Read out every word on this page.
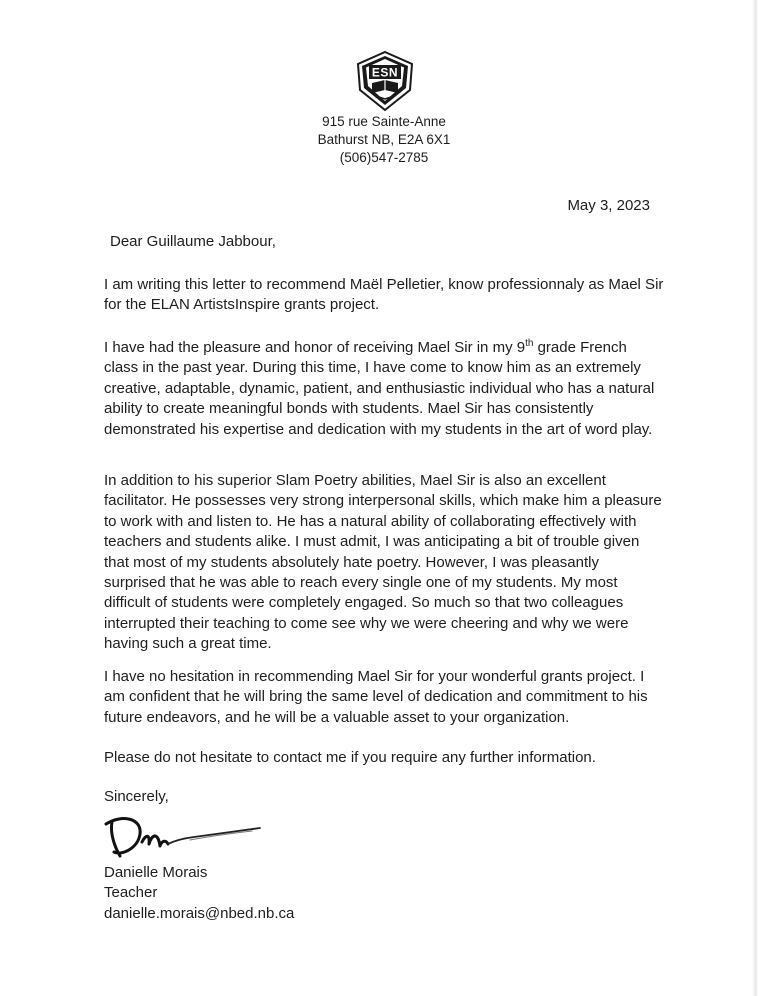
ESN
915 rue Sainte-Anne
Bathurst NB, E2A 6X1
(506)547-2785
May 3, 2023
Dear Guillaume Jabbour,

I am writing this letter to recommend Maël Pelletier, know professionnaly as Mael Sir for the ELAN ArtistsInspire grants project.

I have had the pleasure and honor of receiving Mael Sir in my 9th grade French class in the past year. During this time, I have come to know him as an extremely creative, adaptable, dynamic, patient, and enthusiastic individual who has a natural ability to create meaningful bonds with students. Mael Sir has consistently demonstrated his expertise and dedication with my students in the art of word play.

In addition to his superior Slam Poetry abilities, Mael Sir is also an excellent facilitator. He possesses very strong interpersonal skills, which make him a pleasure to work with and listen to. He has a natural ability of collaborating effectively with teachers and students alike. I must admit, I was anticipating a bit of trouble given that most of my students absolutely hate poetry. However, I was pleasantly surprised that he was able to reach every single one of my students. My most difficult of students were completely engaged. So much so that two colleagues interrupted their teaching to come see why we were cheering and why we were having such a great time.

I have no hesitation in recommending Mael Sir for your wonderful grants project. I am confident that he will bring the same level of dedication and commitment to his future endeavors, and he will be a valuable asset to your organization.

Please do not hesitate to contact me if you require any further information.

Sincerely,
Danielle Morais
Teacher
danielle.morais@nbed.nb.ca
